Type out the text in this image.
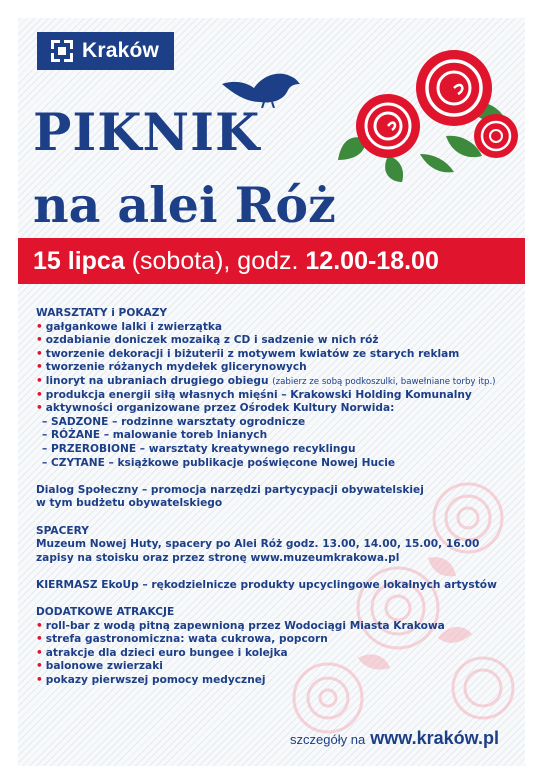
Kraków
PIKNIK
na alei Róż
15 lipca
(sobota), godz.
12.00-18.00
WARSZTATY i POKAZY
• gałgankowe lalki i zwierzątka
• ozdabianie doniczek mozaiką z CD i sadzenie w nich róż
• tworzenie dekoracji i biżuterii z motywem kwiatów ze starych reklam
• tworzenie różanych mydełek glicerynowych
• linoryt na ubraniach drugiego obiegu (zabierz ze sobą podkoszulki, bawełniane torby itp.)
• produkcja energii siłą własnych mięśni – Krakowski Holding Komunalny
• aktywności organizowane przez Ośrodek Kultury Norwida:
– SADZONE – rodzinne warsztaty ogrodnicze
– RÓŻANE – malowanie toreb lnianych
– PRZEROBIONE – warsztaty kreatywnego recyklingu
– CZYTANE – książkowe publikacje poświęcone Nowej Hucie
Dialog Społeczny – promocja narzędzi partycypacji obywatelskiej
w tym budżetu obywatelskiego
SPACERY
Muzeum Nowej Huty, spacery po Alei Róż godz. 13.00, 14.00, 15.00, 16.00
zapisy na stoisku oraz przez stronę www.muzeumkrakowa.pl
KIERMASZ EkoUp – rękodzielnicze produkty upcyclingowe lokalnych artystów
DODATKOWE ATRAKCJE
• roll-bar z wodą pitną zapewnioną przez Wodociągi Miasta Krakowa
• strefa gastronomiczna: wata cukrowa, popcorn
• atrakcje dla dzieci euro bungee i kolejka
• balonowe zwierzaki
• pokazy pierwszej pomocy medycznej
szczegóły na www.kraków.pl
